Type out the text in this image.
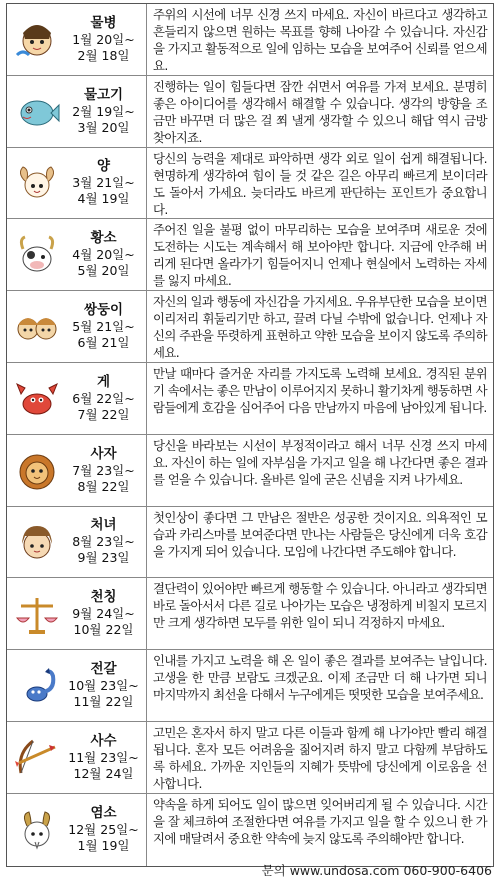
물병
1월 20일~
2월 18일
주위의 시선에 너무 신경 쓰지 마세요. 자신이 바르다고 생각하고 흔들리지 않으면 원하는 목표를 향해 나아갈 수 있습니다. 자신감을 가지고 활동적으로 일에 임하는 모습을 보여주어 신뢰를 얻으세요.
물고기
2월 19일~
3월 20일
진행하는 일이 힘들다면 잠깐 쉬면서 여유를 가져 보세요. 분명히 좋은 아이디어를 생각해서 해결할 수 있습니다. 생각의 방향을 조금만 바꾸면 더 많은 걸 쬐 낼게 생각할 수 있으니 해답 역시 금방 찾아지죠.
양
3월 21일~
4월 19일
당신의 능력을 제대로 파악하면 생각 외로 일이 쉽게 해결됩니다. 현명하게 생각하여 힘이 들 것 같은 길은 아무리 빠르게 보이더라도 돌아서 가세요. 늦더라도 바르게 판단하는 포인트가 중요합니다.
황소
4월 20일~
5월 20일
주어진 일을 불평 없이 마무리하는 모습을 보여주며 새로운 것에 도전하는 시도는 계속해서 해 보아야만 합니다. 지금에 안주해 버리게 된다면 올라가기 힘들어지니 언제나 현실에서 노력하는 자세를 잃지 마세요.
쌍둥이
5월 21일~
6월 21일
자신의 일과 행동에 자신감을 가지세요. 우유부단한 모습을 보이면 이리저리 휘둘리기만 하고, 끌려 다닐 수밖에 없습니다. 언제나 자신의 주관을 뚜렷하게 표현하고 약한 모습을 보이지 않도록 주의하세요.
게
6월 22일~
7월 22일
만날 때마다 즐거운 자리를 가지도록 노력해 보세요. 경직된 분위기 속에서는 좋은 만남이 이루어지지 못하니 활기차게 행동하면 사람들에게 호감을 심어주어 다음 만남까지 마음에 남아있게 됩니다.
사자
7월 23일~
8월 22일
당신을 바라보는 시선이 부정적이라고 해서 너무 신경 쓰지 마세요. 자신이 하는 일에 자부심을 가지고 일을 해 나간다면 좋은 결과를 얻을 수 있습니다. 올바른 일에 굳은 신념을 지켜 나가세요.
처녀
8월 23일~
9월 23일
첫인상이 좋다면 그 만남은 절반은 성공한 것이지요. 의욕적인 모습과 카리스마를 보여준다면 만나는 사람들은 당신에게 더욱 호감을 가지게 되어 있습니다. 모임에 나간다면 주도해야 합니다.
천칭
9월 24일~
10월 22일
결단력이 있어야만 빠르게 행동할 수 있습니다. 아니라고 생각되면 바로 돌아서서 다른 길로 나아가는 모습은 냉정하게 비칠지 모르지만 크게 생각하면 모두를 위한 일이 되니 걱정하지 마세요.
전갈
10월 23일~
11월 22일
인내를 가지고 노력을 해 온 일이 좋은 결과를 보여주는 날입니다. 고생을 한 만큼 보람도 크겠군요. 이제 조금만 더 해 나가면 되니 마지막까지 최선을 다해서 누구에게든 떳떳한 모습을 보여주세요.
사수
11월 23일~
12월 24일
고민은 혼자서 하지 말고 다른 이들과 함께 해 나가야만 빨리 해결됩니다. 혼자 모든 어려움을 짊어지려 하지 말고 다함께 부담하도록 하세요. 가까운 지인들의 지혜가 뜻밖에 당신에게 이로움을 선사합니다.
염소
12월 25일~
1월 19일
약속을 하게 되어도 일이 많으면 잊어버리게 될 수 있습니다. 시간을 잘 체크하여 조절한다면 여유를 가지고 일을 할 수 있으니 한 가지에 매달려서 중요한 약속에 늦지 않도록 주의해야만 합니다.
문의 www.undosa.com 060-900-6406
